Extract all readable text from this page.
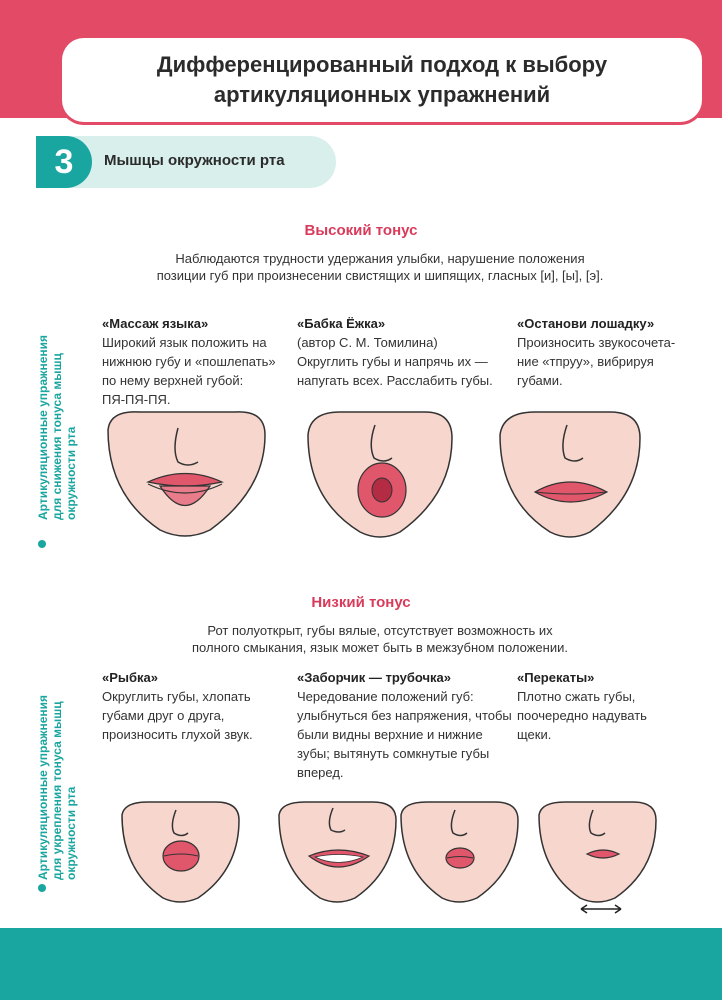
Дифференцированный подход к выбору
артикуляционных упражнений
3	Мышцы окружности рта
Высокий тонус
Наблюдаются трудности удержания улыбки, нарушение положения
позиции губ при произнесении свистящих и шипящих, гласных [и], [ы], [э].
Артикуляционные упражнения для снижения тонуса мышц окружности рта
«Массаж языка»
Широкий язык положить на
нижнюю губу и «пошлепать»
по нему верхней губой:
ПЯ-ПЯ-ПЯ.
«Бабка Ёжка»
(автор С. М. Томилина)
Округлить губы и напрячь их —
напугать всех. Расслабить губы.
«Останови лошадку»
Произносить звукосочета-
ние «тпруу», вибрируя
губами.
Низкий тонус
Рот полуоткрыт, губы вялые, отсутствует возможность их
полного смыкания, язык может быть в межзубном положении.
Артикуляционные упражнения для укрепления тонуса мышц окружности рта
«Рыбка»
Округлить губы, хлопать
губами друг о друга,
произносить глухой звук.
«Заборчик — трубочка»
Чередование положений губ:
улыбнуться без напряжения, чтобы
были видны верхние и нижние
зубы; вытянуть сомкнутые губы
вперед.
«Перекаты»
Плотно сжать губы,
поочередно надувать
щеки.
